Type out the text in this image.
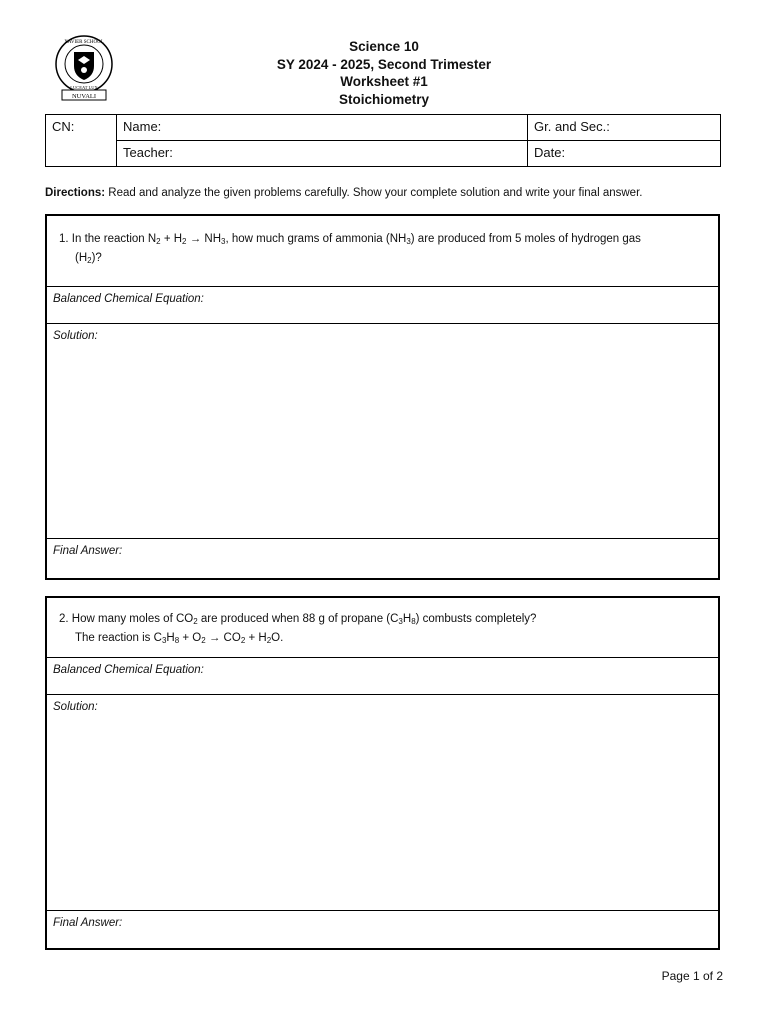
XAVIER SCHOOL
LUCEAT LUX
NUVALI
Science 10
SY 2024 - 2025, Second Trimester
Worksheet #1
Stoichiometry
CN:	Name:	Gr. and Sec.:
	Teacher:	Date:
Directions: Read and analyze the given problems carefully. Show your complete solution and write your final answer.
1. In the reaction $N_2 + H_2 \to NH_3$, how much grams of ammonia $(NH_3)$ are produced from 5 moles of hydrogen gas
$(H_2)$?
Balanced Chemical Equation:
Solution:
Final Answer:
2. How many moles of $CO_2$ are produced when 88 g of propane $(C_3H_8)$ combusts completely?
The reaction is $C_3H_8 + O_2 \to CO_2 + H_2O$.
Balanced Chemical Equation:
Solution:
Final Answer:
Page 1 of 2
